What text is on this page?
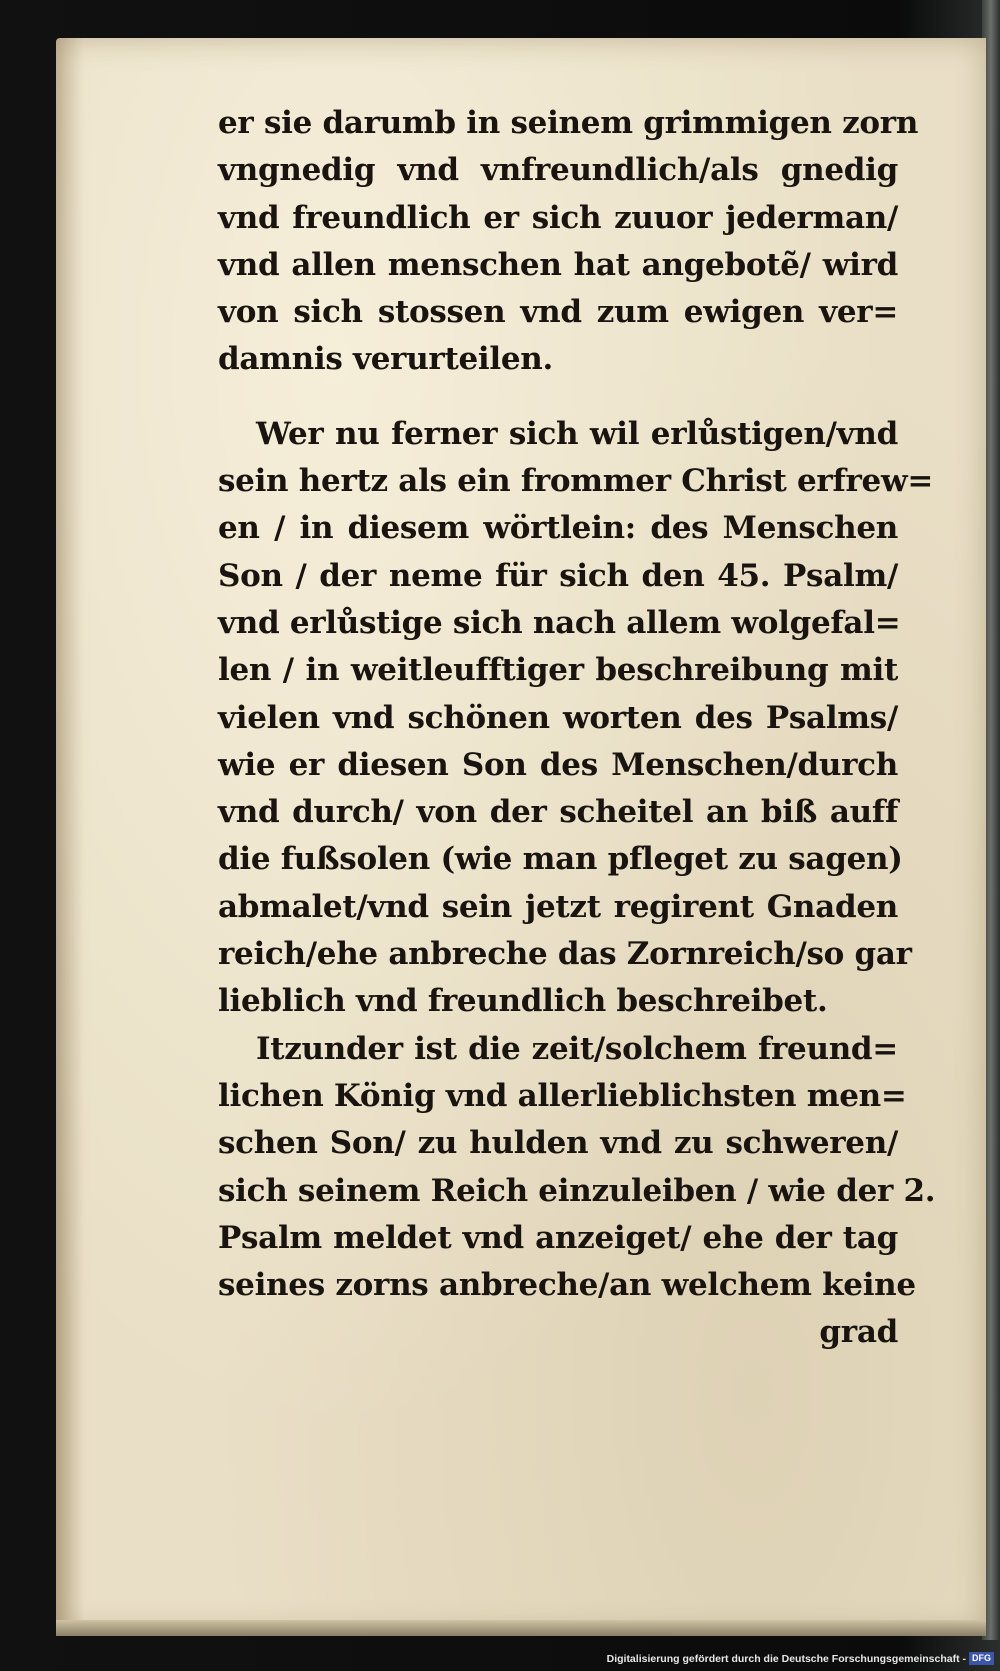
er sie darumb in seinem grimmigen zorn
vngnedig vnd vnfreundlich/als gnedig
vnd freundlich er sich zuuor jederman/
vnd allen menschen hat angebotẽ/ wird
von sich stossen vnd zum ewigen ver=
damnis verurteilen.
Wer nu ferner sich wil erlůstigen/vnd
sein hertz als ein frommer Christ erfrew=
en / in diesem wörtlein: des Menschen
Son / der neme für sich den 45. Psalm/
vnd erlůstige sich nach allem wolgefal=
len / in weitleufftiger beschreibung mit
vielen vnd schönen worten des Psalms/
wie er diesen Son des Menschen/durch
vnd durch/ von der scheitel an biß auff
die fußsolen (wie man pfleget zu sagen)
abmalet/vnd sein jetzt regirent Gnaden
reich/ehe anbreche das Zornreich/so gar
lieblich vnd freundlich beschreibet.
Itzunder ist die zeit/solchem freund=
lichen König vnd allerlieblichsten men=
schen Son/ zu hulden vnd zu schweren/
sich seinem Reich einzuleiben / wie der 2.
Psalm meldet vnd anzeiget/ ehe der tag
seines zorns anbreche/an welchem keine
grad
Digitalisierung gefördert durch die Deutsche Forschungsgemeinschaft - DFG
